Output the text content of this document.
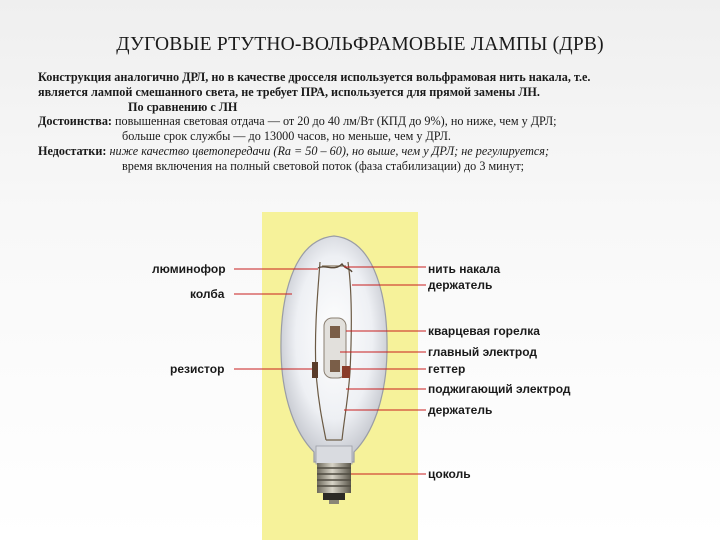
ДУГОВЫЕ РТУТНО-ВОЛЬФРАМОВЫЕ ЛАМПЫ (ДРВ)
Конструкция аналогично ДРЛ, но в качестве дросселя используется вольфрамовая нить накала, т.е.
является лампой смешанного света, не требует ПРА, используется для прямой замены ЛН.
По сравнению с ЛН
Достоинства: повышенная световая отдача — от 20 до 40 лм/Вт (КПД до 9%), но ниже, чем у ДРЛ;
больше срок службы — до 13000 часов, но меньше, чем у ДРЛ.
Недостатки: ниже качество цветопередачи (Ra = 50 – 60), но выше, чем у ДРЛ; не регулируется;
время включения на полный световой поток (фаза стабилизации) до 3 минут;
люминофор
колба
резистор
нить накала
держатель
кварцевая горелка
главный электрод
геттер
поджигающий электрод
держатель
цоколь
